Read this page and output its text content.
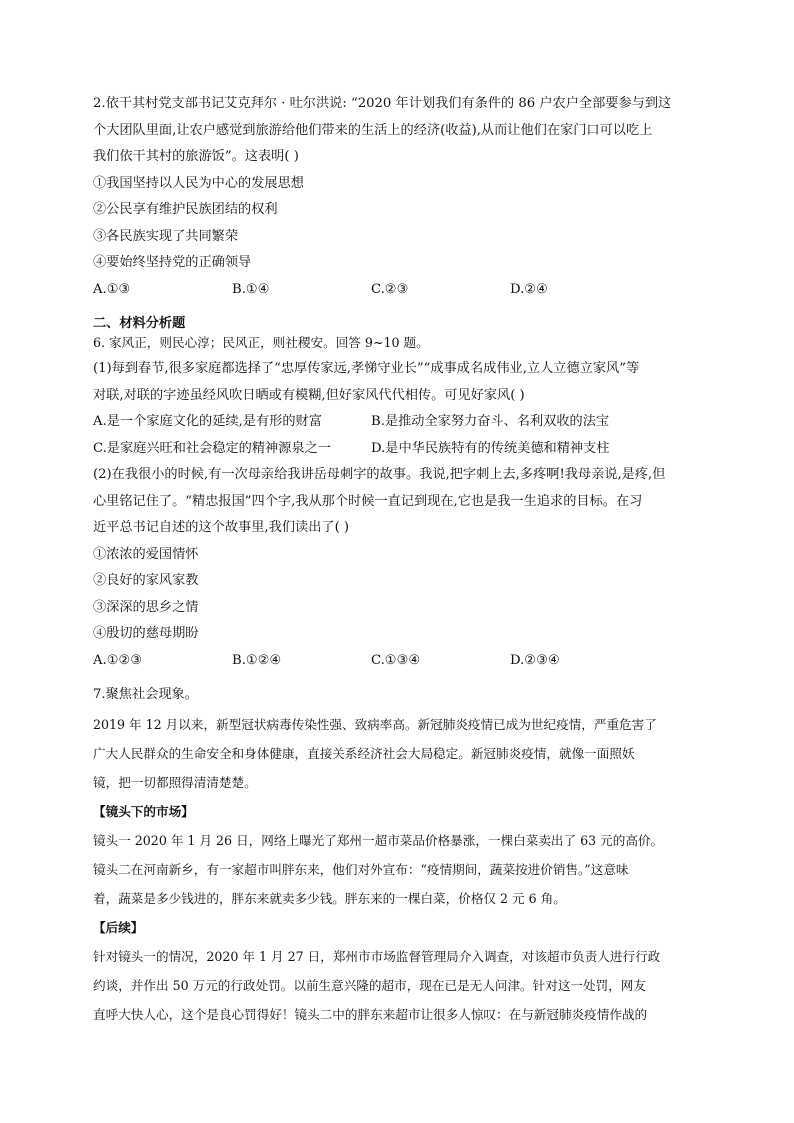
2.依干其村党支部书记艾克拜尔 · 吐尔洪说: “2020 年计划我们有条件的 86 户农户全部要参与到这
个大团队里面,让农户感觉到旅游给他们带来的生活上的经济(收益),从而让他们在家门口可以吃上
我们依干其村的旅游饭”。这表明( )
①我国坚持以人民为中心的发展思想
②公民享有维护民族团结的权利
③各民族实现了共同繁荣
④要始终坚持党的正确领导
A.①③	B.①④	C.②③	D.②④
二、材料分析题
6. 家风正，则民心淳；民风正，则社稷安。回答 9~10 题。
(1)每到春节,很多家庭都选择了“忠厚传家远,孝悌守业长”“成事成名成伟业,立人立德立家风”等
对联,对联的字迹虽经风吹日晒或有模糊,但好家风代代相传。可见好家风( )
A.是一个家庭文化的延续,是有形的财富	B.是推动全家努力奋斗、名利双收的法宝
C.是家庭兴旺和社会稳定的精神源泉之一	D.是中华民族特有的传统美德和精神支柱
(2)在我很小的时候,有一次母亲给我讲岳母刺字的故事。我说,把字刺上去,多疼啊!我母亲说,是疼,但
心里铭记住了。“精忠报国”四个字,我从那个时候一直记到现在,它也是我一生追求的目标。在习
近平总书记自述的这个故事里,我们读出了( )
①浓浓的爱国情怀
②良好的家风家教
③深深的思乡之情
④殷切的慈母期盼
A.①②③	B.①②④	C.①③④	D.②③④
7.聚焦社会现象。
2019 年 12 月以来，新型冠状病毒传染性强、致病率高。新冠肺炎疫情已成为世纪疫情，严重危害了
广大人民群众的生命安全和身体健康，直接关系经济社会大局稳定。新冠肺炎疫情，就像一面照妖
镜，把一切都照得清清楚楚。
【镜头下的市场】
镜头一 2020 年 1 月 26 日，网络上曝光了郑州一超市菜品价格暴涨，一棵白菜卖出了 63 元的高价。
镜头二在河南新乡，有一家超市叫胖东来，他们对外宣布：“疫情期间，蔬菜按进价销售。”这意味
着，蔬菜是多少钱进的，胖东来就卖多少钱。胖东来的一棵白菜，价格仅 2 元 6 角。
【后续】
针对镜头一的情况，2020 年 1 月 27 日，郑州市市场监督管理局介入调查，对该超市负责人进行行政
约谈，并作出 50 万元的行政处罚。以前生意兴隆的超市，现在已是无人问津。针对这一处罚，网友
直呼大快人心，这个是良心罚得好！镜头二中的胖东来超市让很多人惊叹：在与新冠肺炎疫情作战的
